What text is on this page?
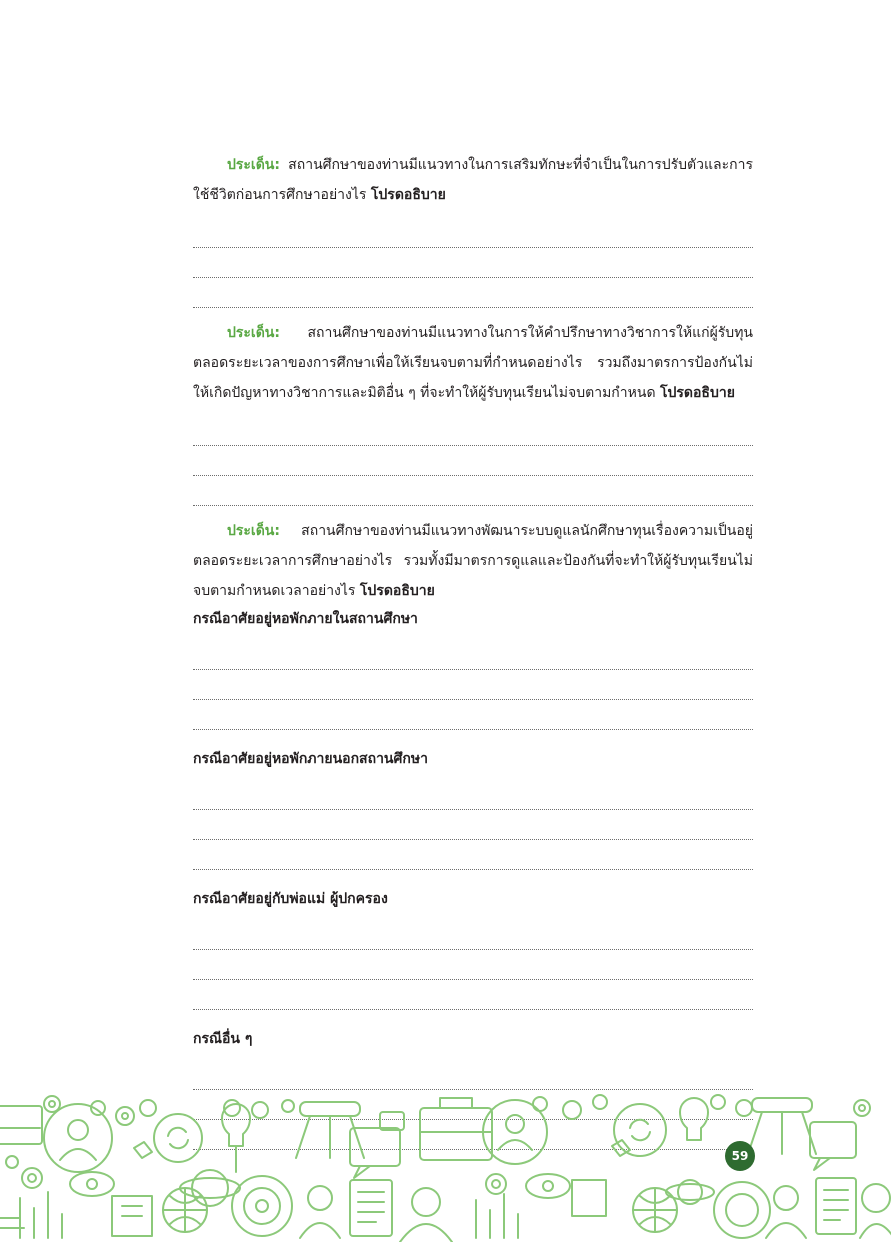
ประเด็น: สถานศึกษาของท่านมีแนวทางในการเสริมทักษะที่จำเป็นในการปรับตัวและการใช้ชีวิตก่อนการศึกษาอย่างไร โปรดอธิบาย

ประเด็น: สถานศึกษาของท่านมีแนวทางในการให้คำปรึกษาทางวิชาการให้แก่ผู้รับทุนตลอดระยะเวลาของการศึกษาเพื่อให้เรียนจบตามที่กำหนดอย่างไร รวมถึงมาตรการป้องกันไม่ให้เกิดปัญหาทางวิชาการและมิติอื่น ๆ ที่จะทำให้ผู้รับทุนเรียนไม่จบตามกำหนด โปรดอธิบาย

ประเด็น: สถานศึกษาของท่านมีแนวทางพัฒนาระบบดูแลนักศึกษาทุนเรื่องความเป็นอยู่ตลอดระยะเวลาการศึกษาอย่างไร รวมทั้งมีมาตรการดูแลและป้องกันที่จะทำให้ผู้รับทุนเรียนไม่จบตามกำหนดเวลาอย่างไร โปรดอธิบาย

กรณีอาศัยอยู่หอพักภายในสถานศึกษา

กรณีอาศัยอยู่หอพักภายนอกสถานศึกษา

กรณีอาศัยอยู่กับพ่อแม่ ผู้ปกครอง

กรณีอื่น ๆ

59
